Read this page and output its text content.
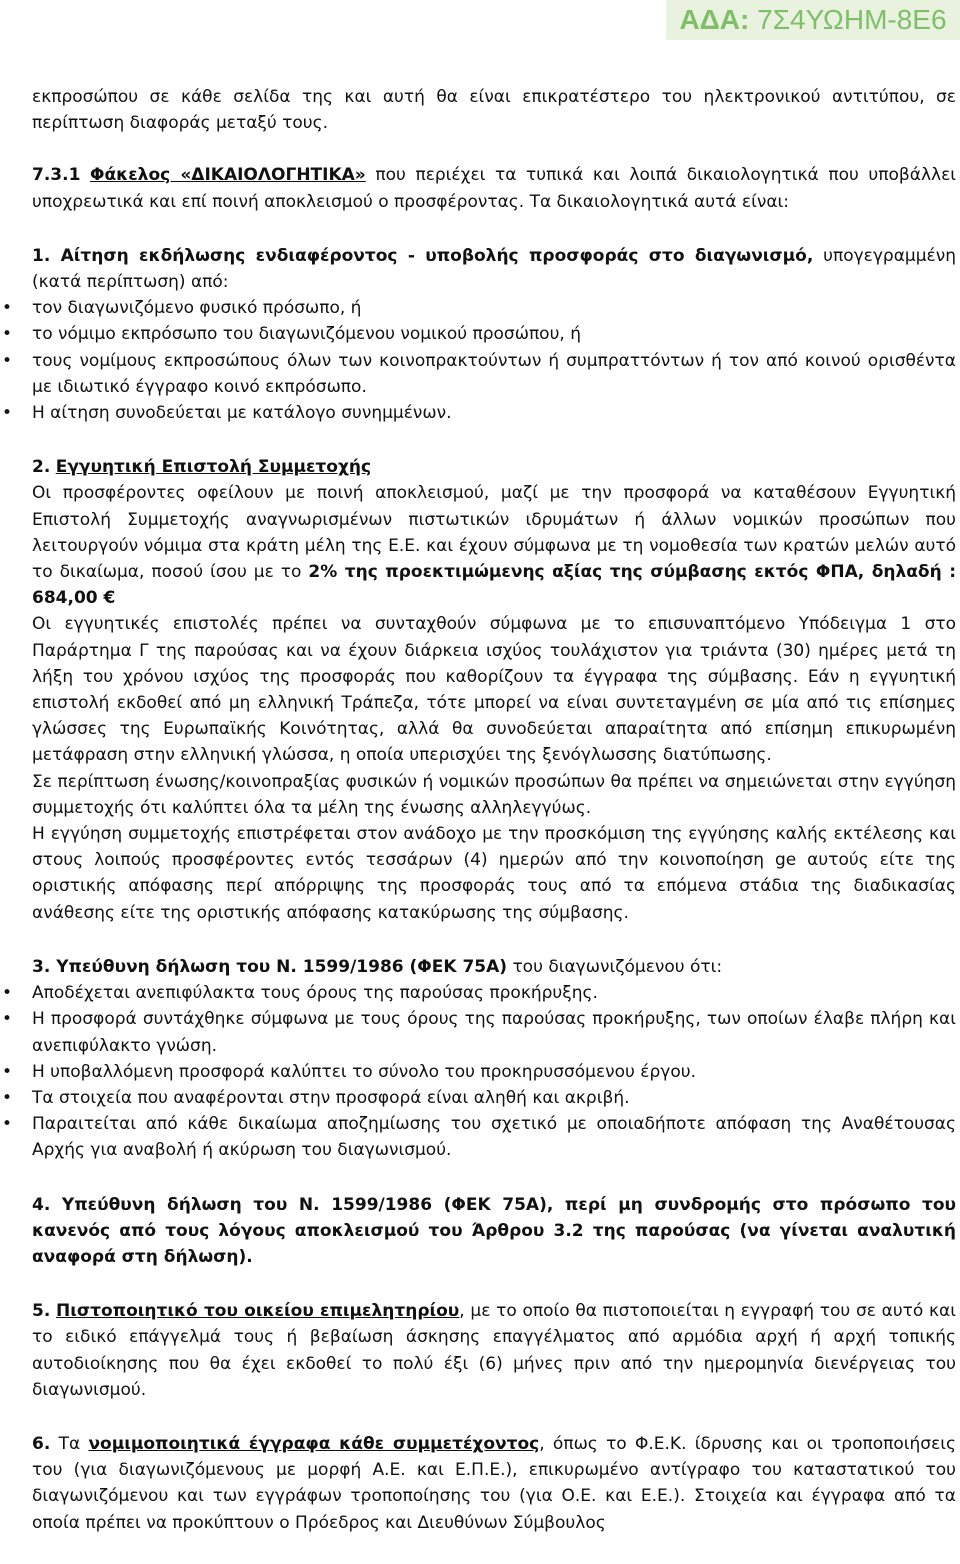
ΑΔΑ: 7Σ4ΥΩΗΜ-8Ε6

εκπροσώπου σε κάθε σελίδα της και αυτή θα είναι επικρατέστερο του ηλεκτρονικού αντιτύπου, σε περίπτωση διαφοράς μεταξύ τους.

7.3.1 Φάκελος «ΔΙΚΑΙΟΛΟΓΗΤΙΚΑ» που περιέχει τα τυπικά και λοιπά δικαιολογητικά που υποβάλλει υποχρεωτικά και επί ποινή αποκλεισμού ο προσφέροντας. Τα δικαιολογητικά αυτά είναι:

1. Αίτηση εκδήλωσης ενδιαφέροντος - υποβολής προσφοράς στο διαγωνισμό, υπογεγραμμένη (κατά περίπτωση) από:

• τον διαγωνιζόμενο φυσικό πρόσωπο, ή
• το νόμιμο εκπρόσωπο του διαγωνιζόμενου νομικού προσώπου, ή
• τους νομίμους εκπροσώπους όλων των κοινοπρακτούντων ή συμπραττόντων ή τον από κοινού ορισθέντα με ιδιωτικό έγγραφο κοινό εκπρόσωπο.
• Η αίτηση συνοδεύεται με κατάλογο συνημμένων.

2. Εγγυητική Επιστολή Συμμετοχής

Οι προσφέροντες οφείλουν με ποινή αποκλεισμού, μαζί με την προσφορά να καταθέσουν Εγγυητική Επιστολή Συμμετοχής αναγνωρισμένων πιστωτικών ιδρυμάτων ή άλλων νομικών προσώπων που λειτουργούν νόμιμα στα κράτη μέλη της Ε.Ε. και έχουν σύμφωνα με τη νομοθεσία των κρατών μελών αυτό το δικαίωμα, ποσού ίσου με το 2% της προεκτιμώμενης αξίας της σύμβασης εκτός ΦΠΑ, δηλαδή : 684,00 €

Οι εγγυητικές επιστολές πρέπει να συνταχθούν σύμφωνα με το επισυναπτόμενο Υπόδειγμα 1 στο Παράρτημα Γ της παρούσας και να έχουν διάρκεια ισχύος τουλάχιστον για τριάντα (30) ημέρες μετά τη λήξη του χρόνου ισχύος της προσφοράς που καθορίζουν τα έγγραφα της σύμβασης. Εάν η εγγυητική επιστολή εκδοθεί από μη ελληνική Τράπεζα, τότε μπορεί να είναι συντεταγμένη σε μία από τις επίσημες γλώσσες της Ευρωπαϊκής Κοινότητας, αλλά θα συνοδεύεται απαραίτητα από επίσημη επικυρωμένη μετάφραση στην ελληνική γλώσσα, η οποία υπερισχύει της ξενόγλωσσης διατύπωσης.

Σε περίπτωση ένωσης/κοινοπραξίας φυσικών ή νομικών προσώπων θα πρέπει να σημειώνεται στην εγγύηση συμμετοχής ότι καλύπτει όλα τα μέλη της ένωσης αλληλεγγύως.

Η εγγύηση συμμετοχής επιστρέφεται στον ανάδοχο με την προσκόμιση της εγγύησης καλής εκτέλεσης και στους λοιπούς προσφέροντες εντός τεσσάρων (4) ημερών από την κοινοποίηση ge αυτούς είτε της οριστικής απόφασης περί απόρριψης της προσφοράς τους από τα επόμενα στάδια της διαδικασίας ανάθεσης είτε της οριστικής απόφασης κατακύρωσης της σύμβασης.

3. Υπεύθυνη δήλωση του Ν. 1599/1986 (ΦΕΚ 75Α) του διαγωνιζόμενου ότι:

• Αποδέχεται ανεπιφύλακτα τους όρους της παρούσας προκήρυξης.
• Η προσφορά συντάχθηκε σύμφωνα με τους όρους της παρούσας προκήρυξης, των οποίων έλαβε πλήρη και ανεπιφύλακτο γνώση.
• Η υποβαλλόμενη προσφορά καλύπτει το σύνολο του προκηρυσσόμενου έργου.
• Τα στοιχεία που αναφέρονται στην προσφορά είναι αληθή και ακριβή.
• Παραιτείται από κάθε δικαίωμα αποζημίωσης του σχετικό με οποιαδήποτε απόφαση της Αναθέτουσας Αρχής για αναβολή ή ακύρωση του διαγωνισμού.

4. Υπεύθυνη δήλωση του Ν. 1599/1986 (ΦΕΚ 75Α), περί μη συνδρομής στο πρόσωπο του κανενός από τους λόγους αποκλεισμού του Άρθρου 3.2 της παρούσας (να γίνεται αναλυτική αναφορά στη δήλωση).

5. Πιστοποιητικό του οικείου επιμελητηρίου, με το οποίο θα πιστοποιείται η εγγραφή του σε αυτό και το ειδικό επάγγελμά τους ή βεβαίωση άσκησης επαγγέλματος από αρμόδια αρχή ή αρχή τοπικής αυτοδιοίκησης που θα έχει εκδοθεί το πολύ έξι (6) μήνες πριν από την ημερομηνία διενέργειας του διαγωνισμού.

6. Τα νομιμοποιητικά έγγραφα κάθε συμμετέχοντος, όπως το Φ.Ε.Κ. ίδρυσης και οι τροποποιήσεις του (για διαγωνιζόμενους με μορφή Α.Ε. και Ε.Π.Ε.), επικυρωμένο αντίγραφο του καταστατικού του διαγωνιζόμενου και των εγγράφων τροποποίησης του (για Ο.Ε. και Ε.Ε.). Στοιχεία και έγγραφα από τα οποία πρέπει να προκύπτουν ο Πρόεδρος και Διευθύνων Σύμβουλος
